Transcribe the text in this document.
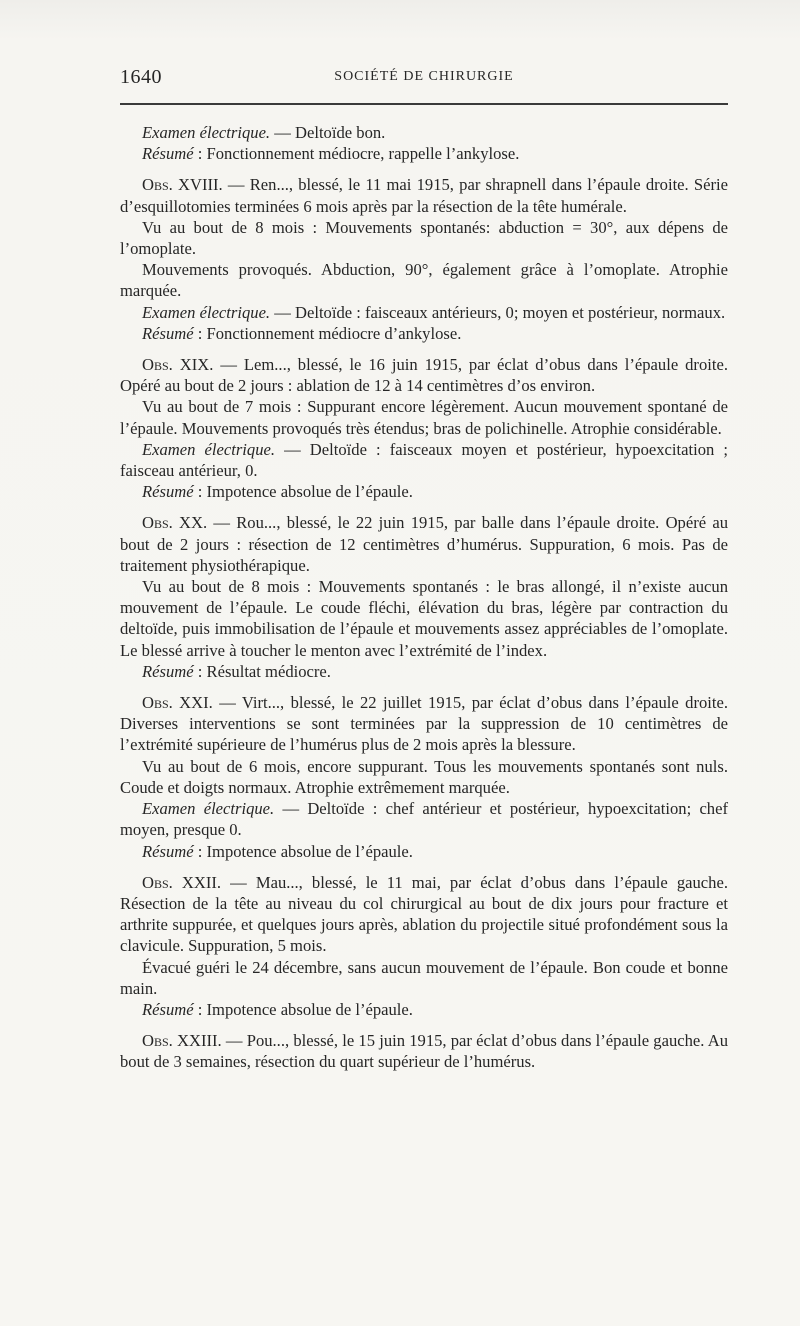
1640	SOCIÉTÉ DE CHIRURGIE

Examen électrique. — Deltoïde bon.

Résumé : Fonctionnement médiocre, rappelle l’ankylose.

Obs. XVIII. — Ren..., blessé, le 11 mai 1915, par shrapnell dans l’épaule droite. Série d’esquillotomies terminées 6 mois après par la résection de la tête humérale.

Vu au bout de 8 mois : Mouvements spontanés: abduction = 30°, aux dépens de l’omoplate.

Mouvements provoqués. Abduction, 90°, également grâce à l’omoplate. Atrophie marquée.

Examen électrique. — Deltoïde : faisceaux antérieurs, 0; moyen et postérieur, normaux.

Résumé : Fonctionnement médiocre d’ankylose.

Obs. XIX. — Lem..., blessé, le 16 juin 1915, par éclat d’obus dans l’épaule droite. Opéré au bout de 2 jours : ablation de 12 à 14 centimètres d’os environ.

Vu au bout de 7 mois : Suppurant encore légèrement. Aucun mouvement spontané de l’épaule. Mouvements provoqués très étendus; bras de polichinelle. Atrophie considérable.

Examen électrique. — Deltoïde : faisceaux moyen et postérieur, hypoexcitation ; faisceau antérieur, 0.

Résumé : Impotence absolue de l’épaule.

Obs. XX. — Rou..., blessé, le 22 juin 1915, par balle dans l’épaule droite. Opéré au bout de 2 jours : résection de 12 centimètres d’humérus. Suppuration, 6 mois. Pas de traitement physiothérapique.

Vu au bout de 8 mois : Mouvements spontanés : le bras allongé, il n’existe aucun mouvement de l’épaule. Le coude fléchi, élévation du bras, légère par contraction du deltoïde, puis immobilisation de l’épaule et mouvements assez appréciables de l’omoplate. Le blessé arrive à toucher le menton avec l’extrémité de l’index.

Résumé : Résultat médiocre.

Obs. XXI. — Virt..., blessé, le 22 juillet 1915, par éclat d’obus dans l’épaule droite. Diverses interventions se sont terminées par la suppression de 10 centimètres de l’extrémité supérieure de l’humérus plus de 2 mois après la blessure.

Vu au bout de 6 mois, encore suppurant. Tous les mouvements spontanés sont nuls. Coude et doigts normaux. Atrophie extrêmement marquée.

Examen électrique. — Deltoïde : chef antérieur et postérieur, hypoexcitation; chef moyen, presque 0.

Résumé : Impotence absolue de l’épaule.

Obs. XXII. — Mau..., blessé, le 11 mai, par éclat d’obus dans l’épaule gauche. Résection de la tête au niveau du col chirurgical au bout de dix jours pour fracture et arthrite suppurée, et quelques jours après, ablation du projectile situé profondément sous la clavicule. Suppuration, 5 mois.

Évacué guéri le 24 décembre, sans aucun mouvement de l’épaule. Bon coude et bonne main.

Résumé : Impotence absolue de l’épaule.

Obs. XXIII. — Pou..., blessé, le 15 juin 1915, par éclat d’obus dans l’épaule gauche. Au bout de 3 semaines, résection du quart supérieur de l’humérus.
